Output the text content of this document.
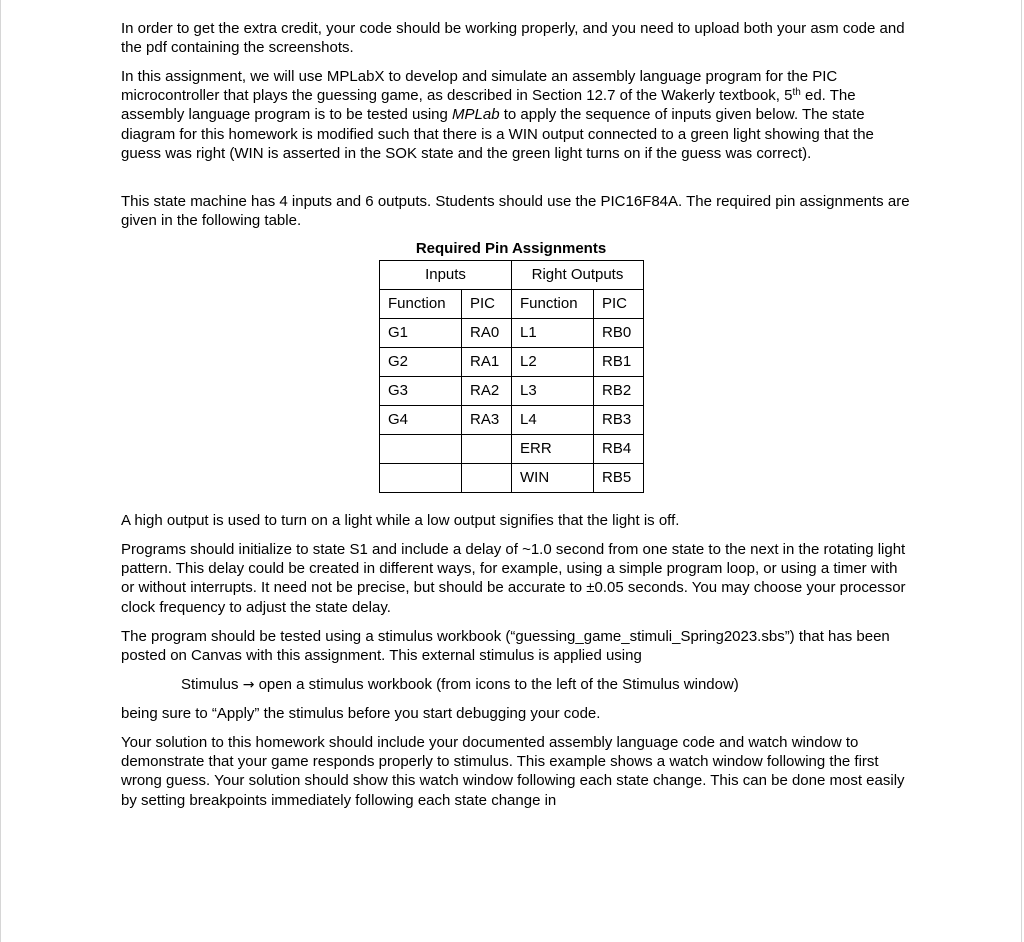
In order to get the extra credit, your code should be working properly, and you need to upload both your asm code and the pdf containing the screenshots.

In this assignment, we will use MPLabX to develop and simulate an assembly language program for the PIC microcontroller that plays the guessing game, as described in Section 12.7 of the Wakerly textbook, 5th ed. The assembly language program is to be tested using MPLab to apply the sequence of inputs given below. The state diagram for this homework is modified such that there is a WIN output connected to a green light showing that the guess was right (WIN is asserted in the SOK state and the green light turns on if the guess was correct).

This state machine has 4 inputs and 6 outputs. Students should use the PIC16F84A. The required pin assignments are given in the following table.

Required Pin Assignments
Inputs		Right Outputs	
Function	PIC	Function	PIC
G1	RA0	L1	RB0
G2	RA1	L2	RB1
G3	RA2	L3	RB2
G4	RA3	L4	RB3
		ERR	RB4
		WIN	RB5

A high output is used to turn on a light while a low output signifies that the light is off.

Programs should initialize to state S1 and include a delay of ~1.0 second from one state to the next in the rotating light pattern. This delay could be created in different ways, for example, using a simple program loop, or using a timer with or without interrupts. It need not be precise, but should be accurate to ±0.05 seconds. You may choose your processor clock frequency to adjust the state delay.

The program should be tested using a stimulus workbook (“guessing_game_stimuli_Spring2023.sbs”) that has been posted on Canvas with this assignment. This external stimulus is applied using

Stimulus → open a stimulus workbook (from icons to the left of the Stimulus window)

being sure to “Apply” the stimulus before you start debugging your code.

Your solution to this homework should include your documented assembly language code and watch window to demonstrate that your game responds properly to stimulus. This example shows a watch window following the first wrong guess. Your solution should show this watch window following each state change. This can be done most easily by setting breakpoints immediately following each state change in
